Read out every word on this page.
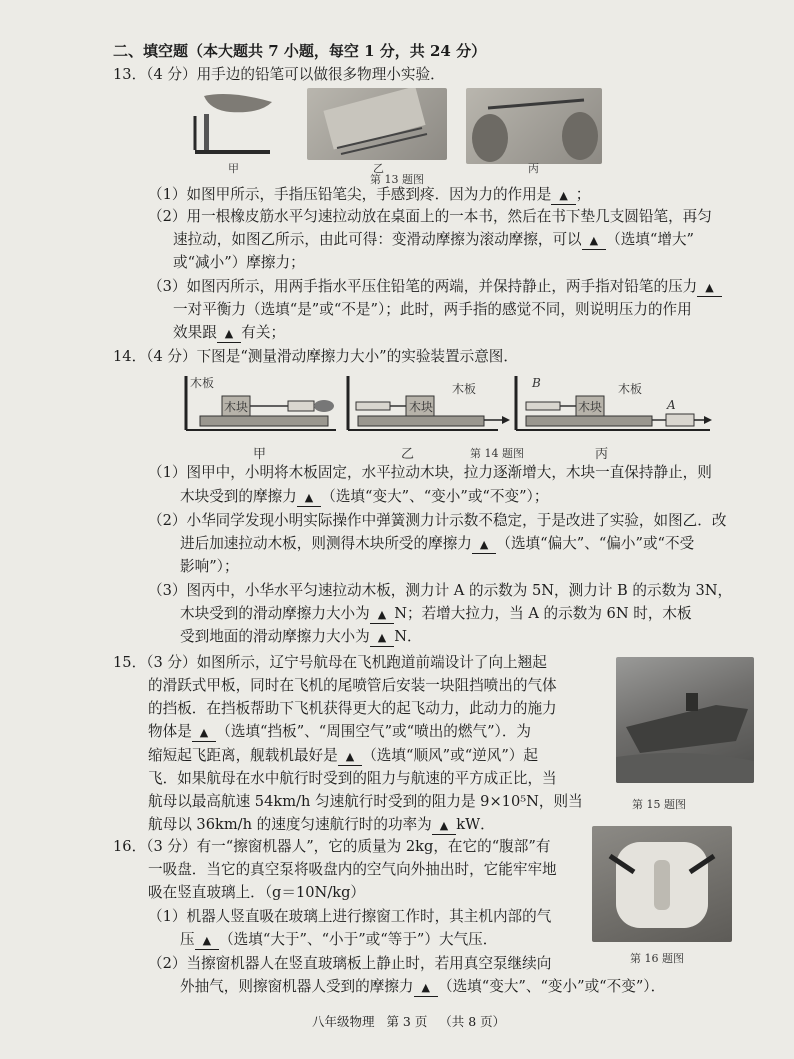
二、填空题（本大题共 7 小题，每空 1 分，共 24 分）
13．（4 分）用手边的铅笔可以做很多物理小实验．
甲	乙	丙
第 13 题图
（1）如图甲所示，手指压铅笔尖，手感到疼．因为力的作用是 ▲ ；
（2）用一根橡皮筋水平匀速拉动放在桌面上的一本书，然后在书下垫几支圆铅笔，再匀
速拉动，如图乙所示，由此可得：变滑动摩擦为滚动摩擦，可以 ▲ （选填“增大”
或“减小”）摩擦力；
（3）如图丙所示，用两手指水平压住铅笔的两端，并保持静止，两手指对铅笔的压力 ▲
一对平衡力（选填“是”或“不是”）；此时，两手指的感觉不同，则说明压力的作用
效果跟 ▲ 有关；
14．（4 分）下图是“测量滑动摩擦力大小”的实验装置示意图．
木板
木块	木块
木板	B
木块
木板
A
甲	乙	第 14 题图	丙
（1）图甲中，小明将木板固定，水平拉动木块，拉力逐渐增大，木块一直保持静止，则
木块受到的摩擦力 ▲ （选填“变大”、“变小”或“不变”）；
（2）小华同学发现小明实际操作中弹簧测力计示数不稳定，于是改进了实验，如图乙．改
进后加速拉动木板，则测得木块所受的摩擦力 ▲ （选填“偏大”、“偏小”或“不受
影响”）；
（3）图丙中，小华水平匀速拉动木板，测力计 A 的示数为 5N，测力计 B 的示数为 3N，
木块受到的滑动摩擦力大小为 ▲ N；若增大拉力，当 A 的示数为 6N 时，木板
受到地面的滑动摩擦力大小为 ▲ N．
15．（3 分）如图所示，辽宁号航母在飞机跑道前端设计了向上翘起
的滑跃式甲板，同时在飞机的尾喷管后安装一块阻挡喷出的气体
的挡板．在挡板帮助下飞机获得更大的起飞动力，此动力的施力
物体是 ▲ （选填“挡板”、“周围空气”或“喷出的燃气”）．为
缩短起飞距离，舰载机最好是 ▲ （选填“顺风”或“逆风”）起
飞．如果航母在水中航行时受到的阻力与航速的平方成正比，当
航母以最高航速 54km/h 匀速航行时受到的阻力是 9×10⁵N，则当
航母以 36km/h 的速度匀速航行时的功率为 ▲ kW．
第 15 题图
16．（3 分）有一“擦窗机器人”，它的质量为 2kg，在它的“腹部”有
一吸盘．当它的真空泵将吸盘内的空气向外抽出时，它能牢牢地
吸在竖直玻璃上．（g＝10N/kg）
（1）机器人竖直吸在玻璃上进行擦窗工作时，其主机内部的气
压 ▲ （选填“大于”、“小于”或“等于”）大气压．
（2）当擦窗机器人在竖直玻璃板上静止时，若用真空泵继续向
外抽气，则擦窗机器人受到的摩擦力 ▲ （选填“变大”、“变小”或“不变”）．
第 16 题图
八年级物理 第 3 页 （共 8 页）
